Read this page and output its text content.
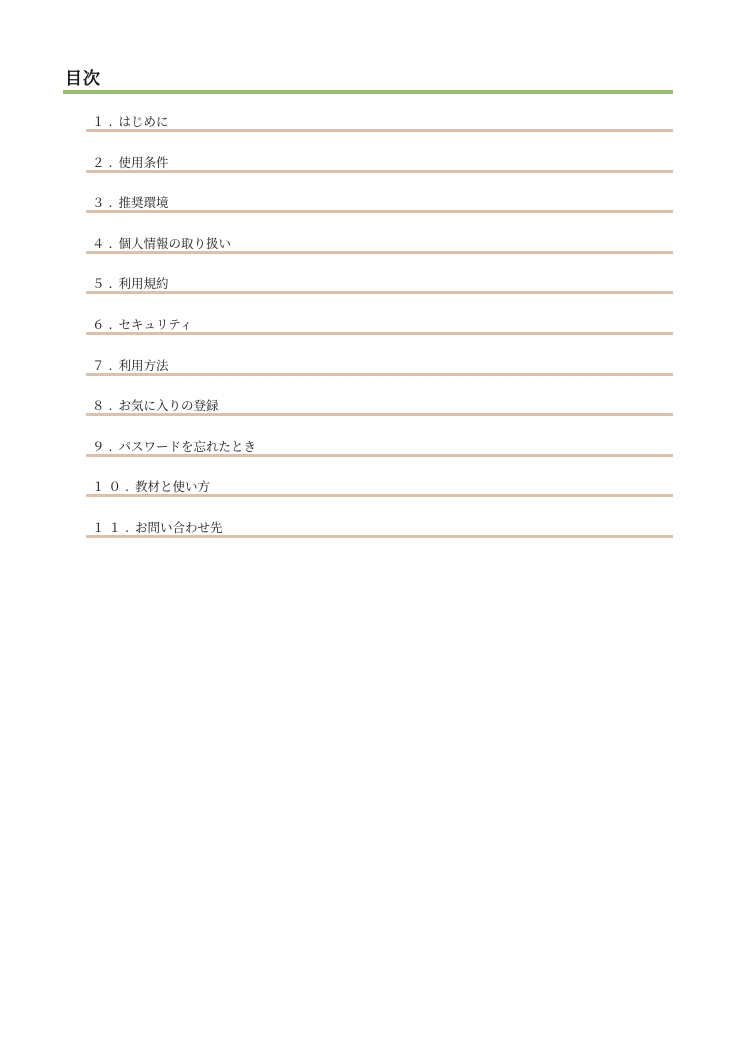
目次
１. はじめに
２. 使用条件
３. 推奨環境
４. 個人情報の取り扱い
５. 利用規約
６. セキュリティ
７. 利用方法
８. お気に入りの登録
９. パスワードを忘れたとき
１０. 教材と使い方
１１. お問い合わせ先
